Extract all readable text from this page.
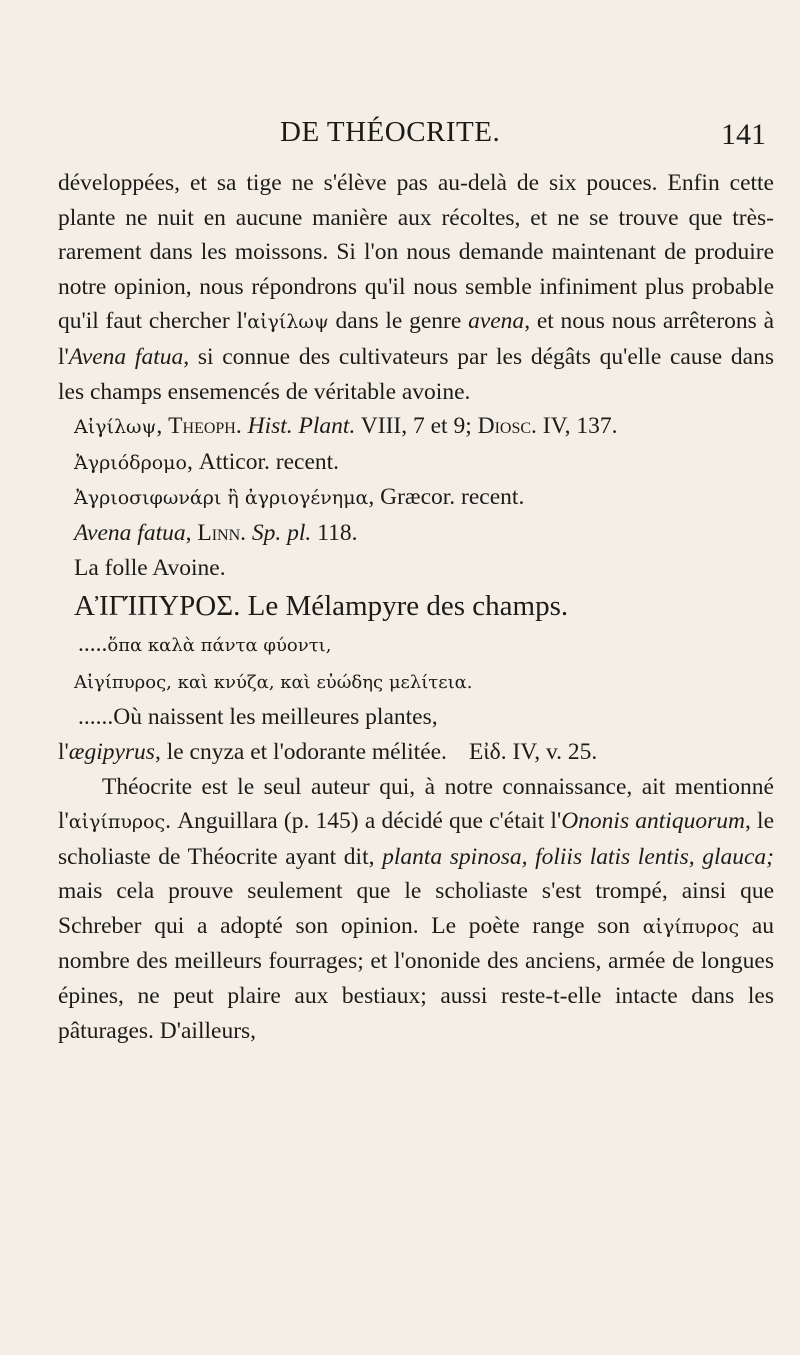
DE THÉOCRITE.	141

développées, et sa tige ne s'élève pas au-delà de six pouces. Enfin cette plante ne nuit en aucune manière aux récoltes, et ne se trouve que très-rarement dans les moissons. Si l'on nous demande maintenant de produire notre opinion, nous répondrons qu'il nous semble infiniment plus probable qu'il faut chercher l'αἰγίλωψ dans le genre avena, et nous nous arrêterons à l'Avena fatua, si connue des cultivateurs par les dégâts qu'elle cause dans les champs ensemencés de véritable avoine.

Αἰγίλωψ, Theoph. Hist. Plant. VIII, 7 et 9; Diosc. IV, 137.

Ἀγριόδρομο, Atticor. recent.

Ἀγριοσιφωνάρι ἢ ἀγριογένημα, Græcor. recent.

Avena fatua, Linn. Sp. pl. 118.

La folle Avoine.

ΑἸΓΊΠΥΡΟΣ. Le Mélampyre des champs.

.....ὅπα καλὰ πάντα φύοντι,

Αἰγίπυρος, καὶ κνύζα, καὶ εὐώδης μελίτεια.

......Où naissent les meilleures plantes,

l'ægipyrus, le cnyza et l'odorante mélitée. Εἰδ. IV, v. 25.

Théocrite est le seul auteur qui, à notre connaissance, ait mentionné l'αἰγίπυρος. Anguillara (p. 145) a décidé que c'était l'Ononis antiquorum, le scholiaste de Théocrite ayant dit, planta spinosa, foliis latis lentis, glauca; mais cela prouve seulement que le scholiaste s'est trompé, ainsi que Schreber qui a adopté son opinion. Le poète range son αἰγίπυρος au nombre des meilleurs fourrages; et l'ononide des anciens, armée de longues épines, ne peut plaire aux bestiaux; aussi reste-t-elle intacte dans les pâturages. D'ailleurs,
